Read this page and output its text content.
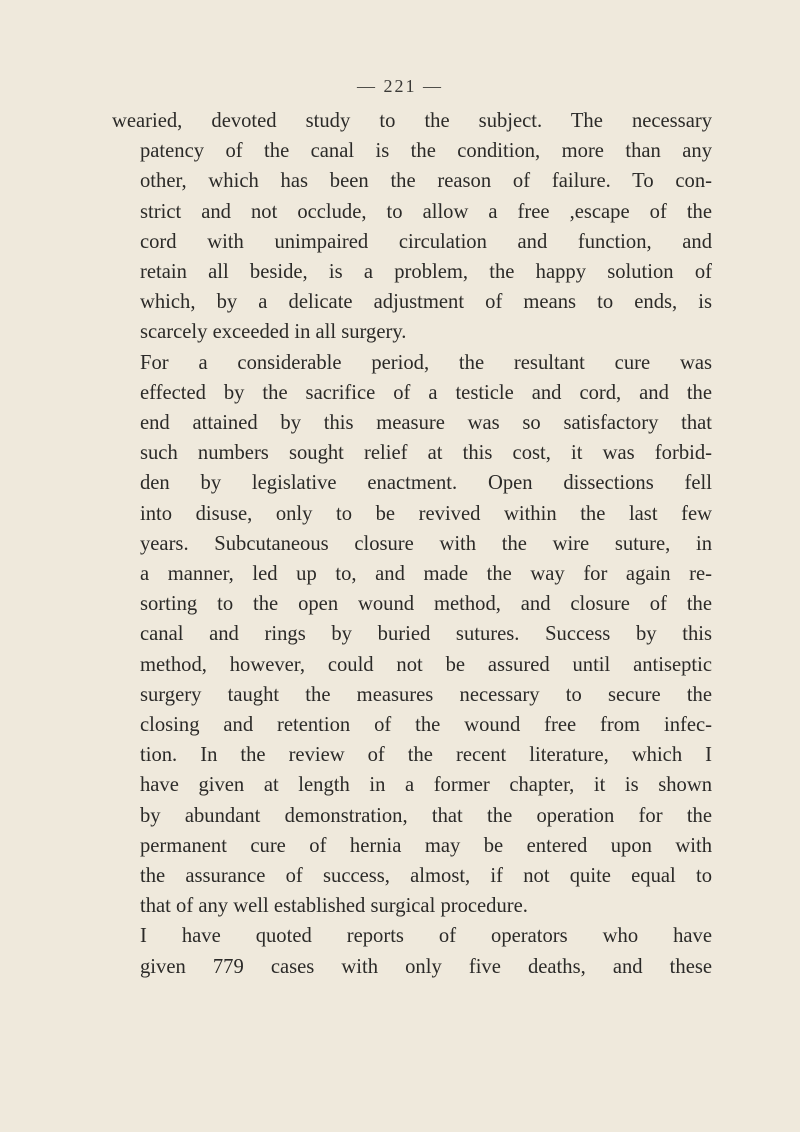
— 221 —
wearied, devoted study to the subject. The necessary
patency of the canal is the condition, more than any
other, which has been the reason of failure. To con-
strict and not occlude, to allow a free ,escape of the
cord with unimpaired circulation and function, and
retain all beside, is a problem, the happy solution of
which, by a delicate adjustment of means to ends, is
scarcely exceeded in all surgery.
For a considerable period, the resultant cure was
effected by the sacrifice of a testicle and cord, and the
end attained by this measure was so satisfactory that
such numbers sought relief at this cost, it was forbid-
den by legislative enactment. Open dissections fell
into disuse, only to be revived within the last few
years. Subcutaneous closure with the wire suture, in
a manner, led up to, and made the way for again re-
sorting to the open wound method, and closure of the
canal and rings by buried sutures. Success by this
method, however, could not be assured until antiseptic
surgery taught the measures necessary to secure the
closing and retention of the wound free from infec-
tion. In the review of the recent literature, which I
have given at length in a former chapter, it is shown
by abundant demonstration, that the operation for the
permanent cure of hernia may be entered upon with
the assurance of success, almost, if not quite equal to
that of any well established surgical procedure.
I have quoted reports of operators who have
given 779 cases with only five deaths, and these
